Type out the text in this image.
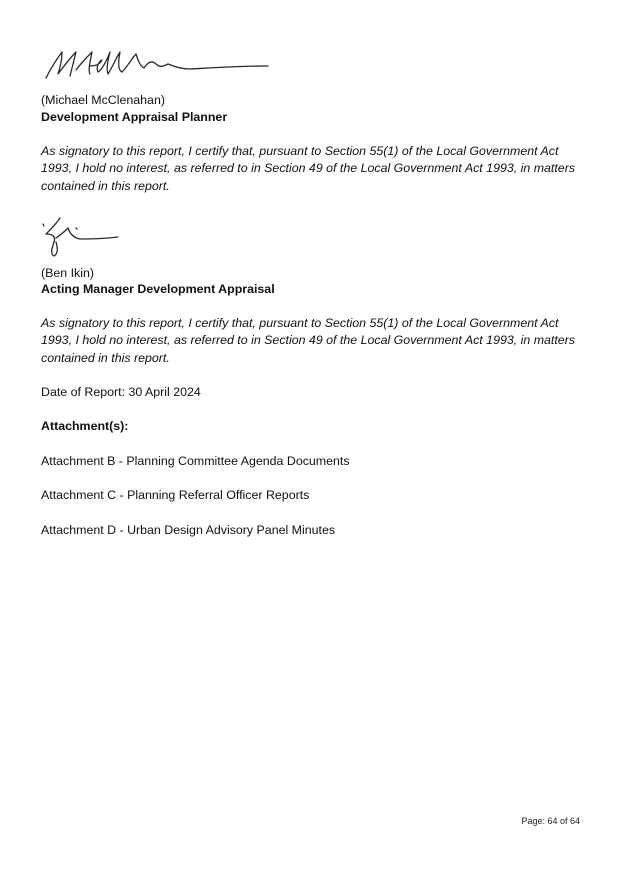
(Michael McClenahan)

Development Appraisal Planner

As signatory to this report, I certify that, pursuant to Section 55(1) of the Local Government Act 1993, I hold no interest, as referred to in Section 49 of the Local Government Act 1993, in matters contained in this report.

(Ben Ikin)

Acting Manager Development Appraisal

As signatory to this report, I certify that, pursuant to Section 55(1) of the Local Government Act 1993, I hold no interest, as referred to in Section 49 of the Local Government Act 1993, in matters contained in this report.

Date of Report: 30 April 2024

Attachment(s):

Attachment B - Planning Committee Agenda Documents

Attachment C - Planning Referral Officer Reports

Attachment D - Urban Design Advisory Panel Minutes

Page: 64 of 64
